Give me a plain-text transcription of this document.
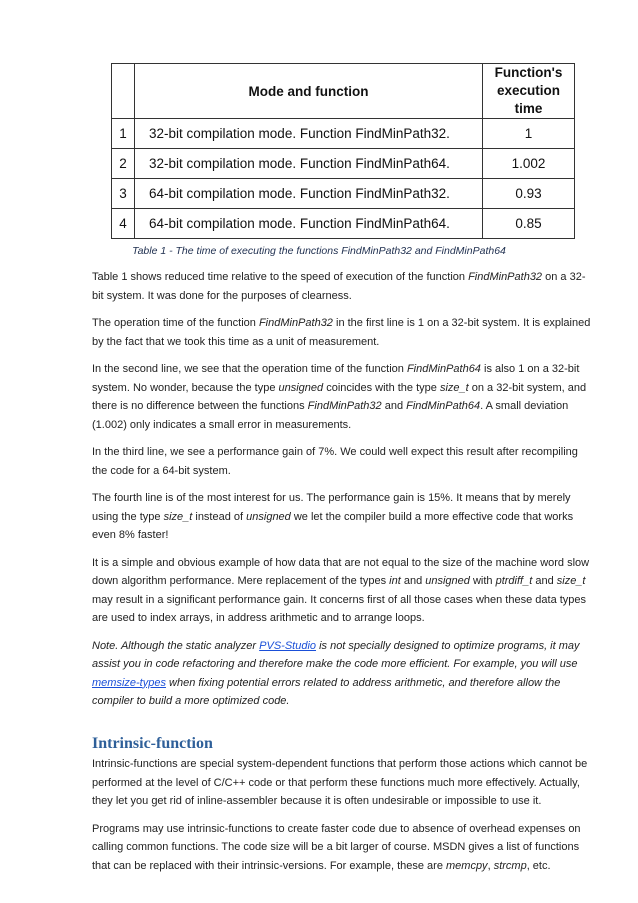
	Mode and function	Function's
execution time
1	32-bit compilation mode. Function FindMinPath32.	1
2	32-bit compilation mode. Function FindMinPath64.	1.002
3	64-bit compilation mode. Function FindMinPath32.	0.93
4	64-bit compilation mode. Function FindMinPath64.	0.85
Table 1 - The time of executing the functions FindMinPath32 and FindMinPath64

Table 1 shows reduced time relative to the speed of execution of the function FindMinPath32 on a 32-bit system. It was done for the purposes of clearness.

The operation time of the function FindMinPath32 in the first line is 1 on a 32-bit system. It is explained by the fact that we took this time as a unit of measurement.

In the second line, we see that the operation time of the function FindMinPath64 is also 1 on a 32-bit system. No wonder, because the type unsigned coincides with the type size_t on a 32-bit system, and there is no difference between the functions FindMinPath32 and FindMinPath64. A small deviation (1.002) only indicates a small error in measurements.

In the third line, we see a performance gain of 7%. We could well expect this result after recompiling the code for a 64-bit system.

The fourth line is of the most interest for us. The performance gain is 15%. It means that by merely using the type size_t instead of unsigned we let the compiler build a more effective code that works even 8% faster!

It is a simple and obvious example of how data that are not equal to the size of the machine word slow down algorithm performance. Mere replacement of the types int and unsigned with ptrdiff_t and size_t may result in a significant performance gain. It concerns first of all those cases when these data types are used to index arrays, in address arithmetic and to arrange loops.

Note. Although the static analyzer PVS-Studio is not specially designed to optimize programs, it may assist you in code refactoring and therefore make the code more efficient. For example, you will use memsize-types when fixing potential errors related to address arithmetic, and therefore allow the compiler to build a more optimized code.

Intrinsic-function

Intrinsic-functions are special system-dependent functions that perform those actions which cannot be performed at the level of C/C++ code or that perform these functions much more effectively. Actually, they let you get rid of inline-assembler because it is often undesirable or impossible to use it.

Programs may use intrinsic-functions to create faster code due to absence of overhead expenses on calling common functions. The code size will be a bit larger of course. MSDN gives a list of functions that can be replaced with their intrinsic-versions. For example, these are memcpy, strcmp, etc.
